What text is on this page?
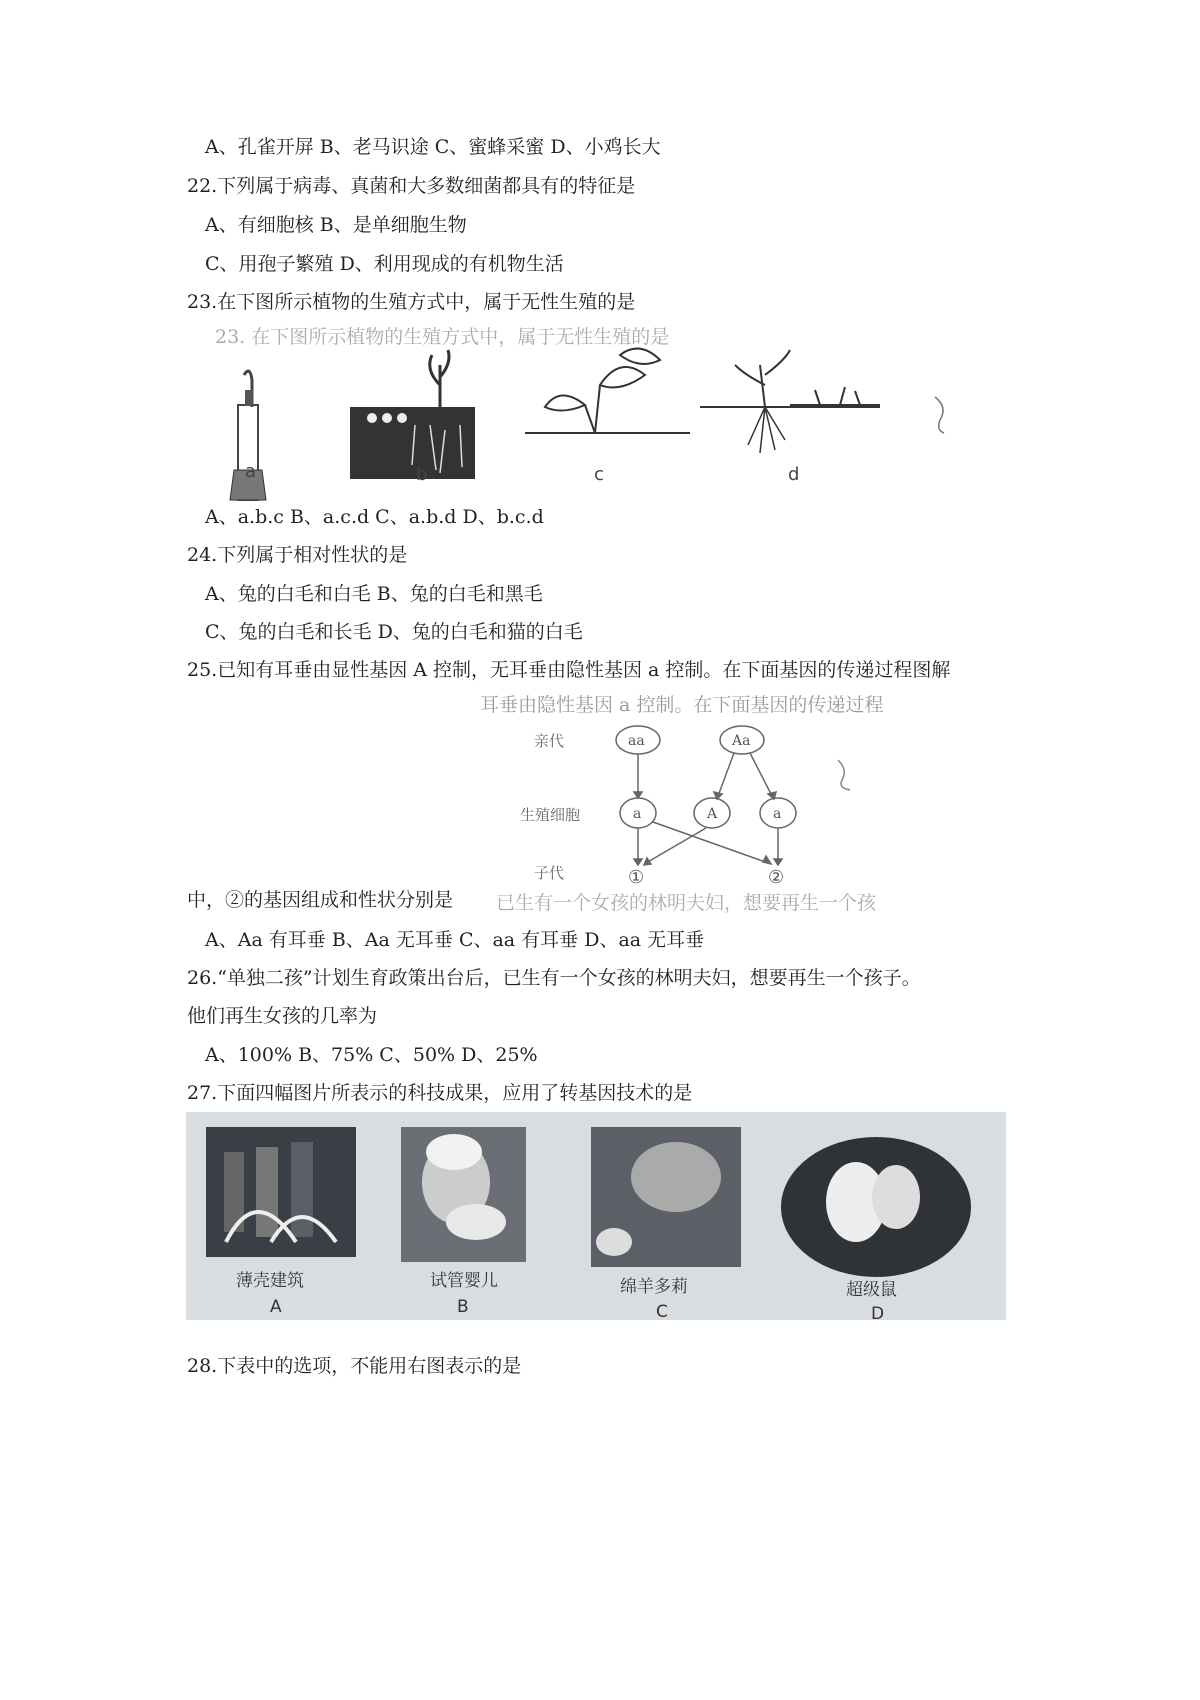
A、孔雀开屏 B、老马识途 C、蜜蜂采蜜 D、小鸡长大
22.下列属于病毒、真菌和大多数细菌都具有的特征是
A、有细胞核 B、是单细胞生物
C、用孢子繁殖 D、利用现成的有机物生活
23.在下图所示植物的生殖方式中，属于无性生殖的是
23. 在下图所示植物的生殖方式中，属于无性生殖的是
a	b	c	d
A、a.b.c B、a.c.d C、a.b.d D、b.c.d
24.下列属于相对性状的是
A、兔的白毛和白毛 B、兔的白毛和黑毛
C、兔的白毛和长毛 D、兔的白毛和猫的白毛
25.已知有耳垂由显性基因 A 控制，无耳垂由隐性基因 a 控制。在下面基因的传递过程图解
耳垂由隐性基因 a 控制。在下面基因的传递过程
亲代
生殖细胞
子代
aa	Aa
a	A	a
①	②
中，②的基因组成和性状分别是 已生有一个女孩的林明夫妇，想要再生一个孩
A、Aa 有耳垂 B、Aa 无耳垂 C、aa 有耳垂 D、aa 无耳垂
26.“单独二孩”计划生育政策出台后，已生有一个女孩的林明夫妇，想要再生一个孩子。
他们再生女孩的几率为
A、100% B、75% C、50% D、25%
27.下面四幅图片所表示的科技成果，应用了转基因技术的是
薄壳建筑
A
试管婴儿
B
绵羊多莉
C
超级鼠
D
28.下表中的选项，不能用右图表示的是
